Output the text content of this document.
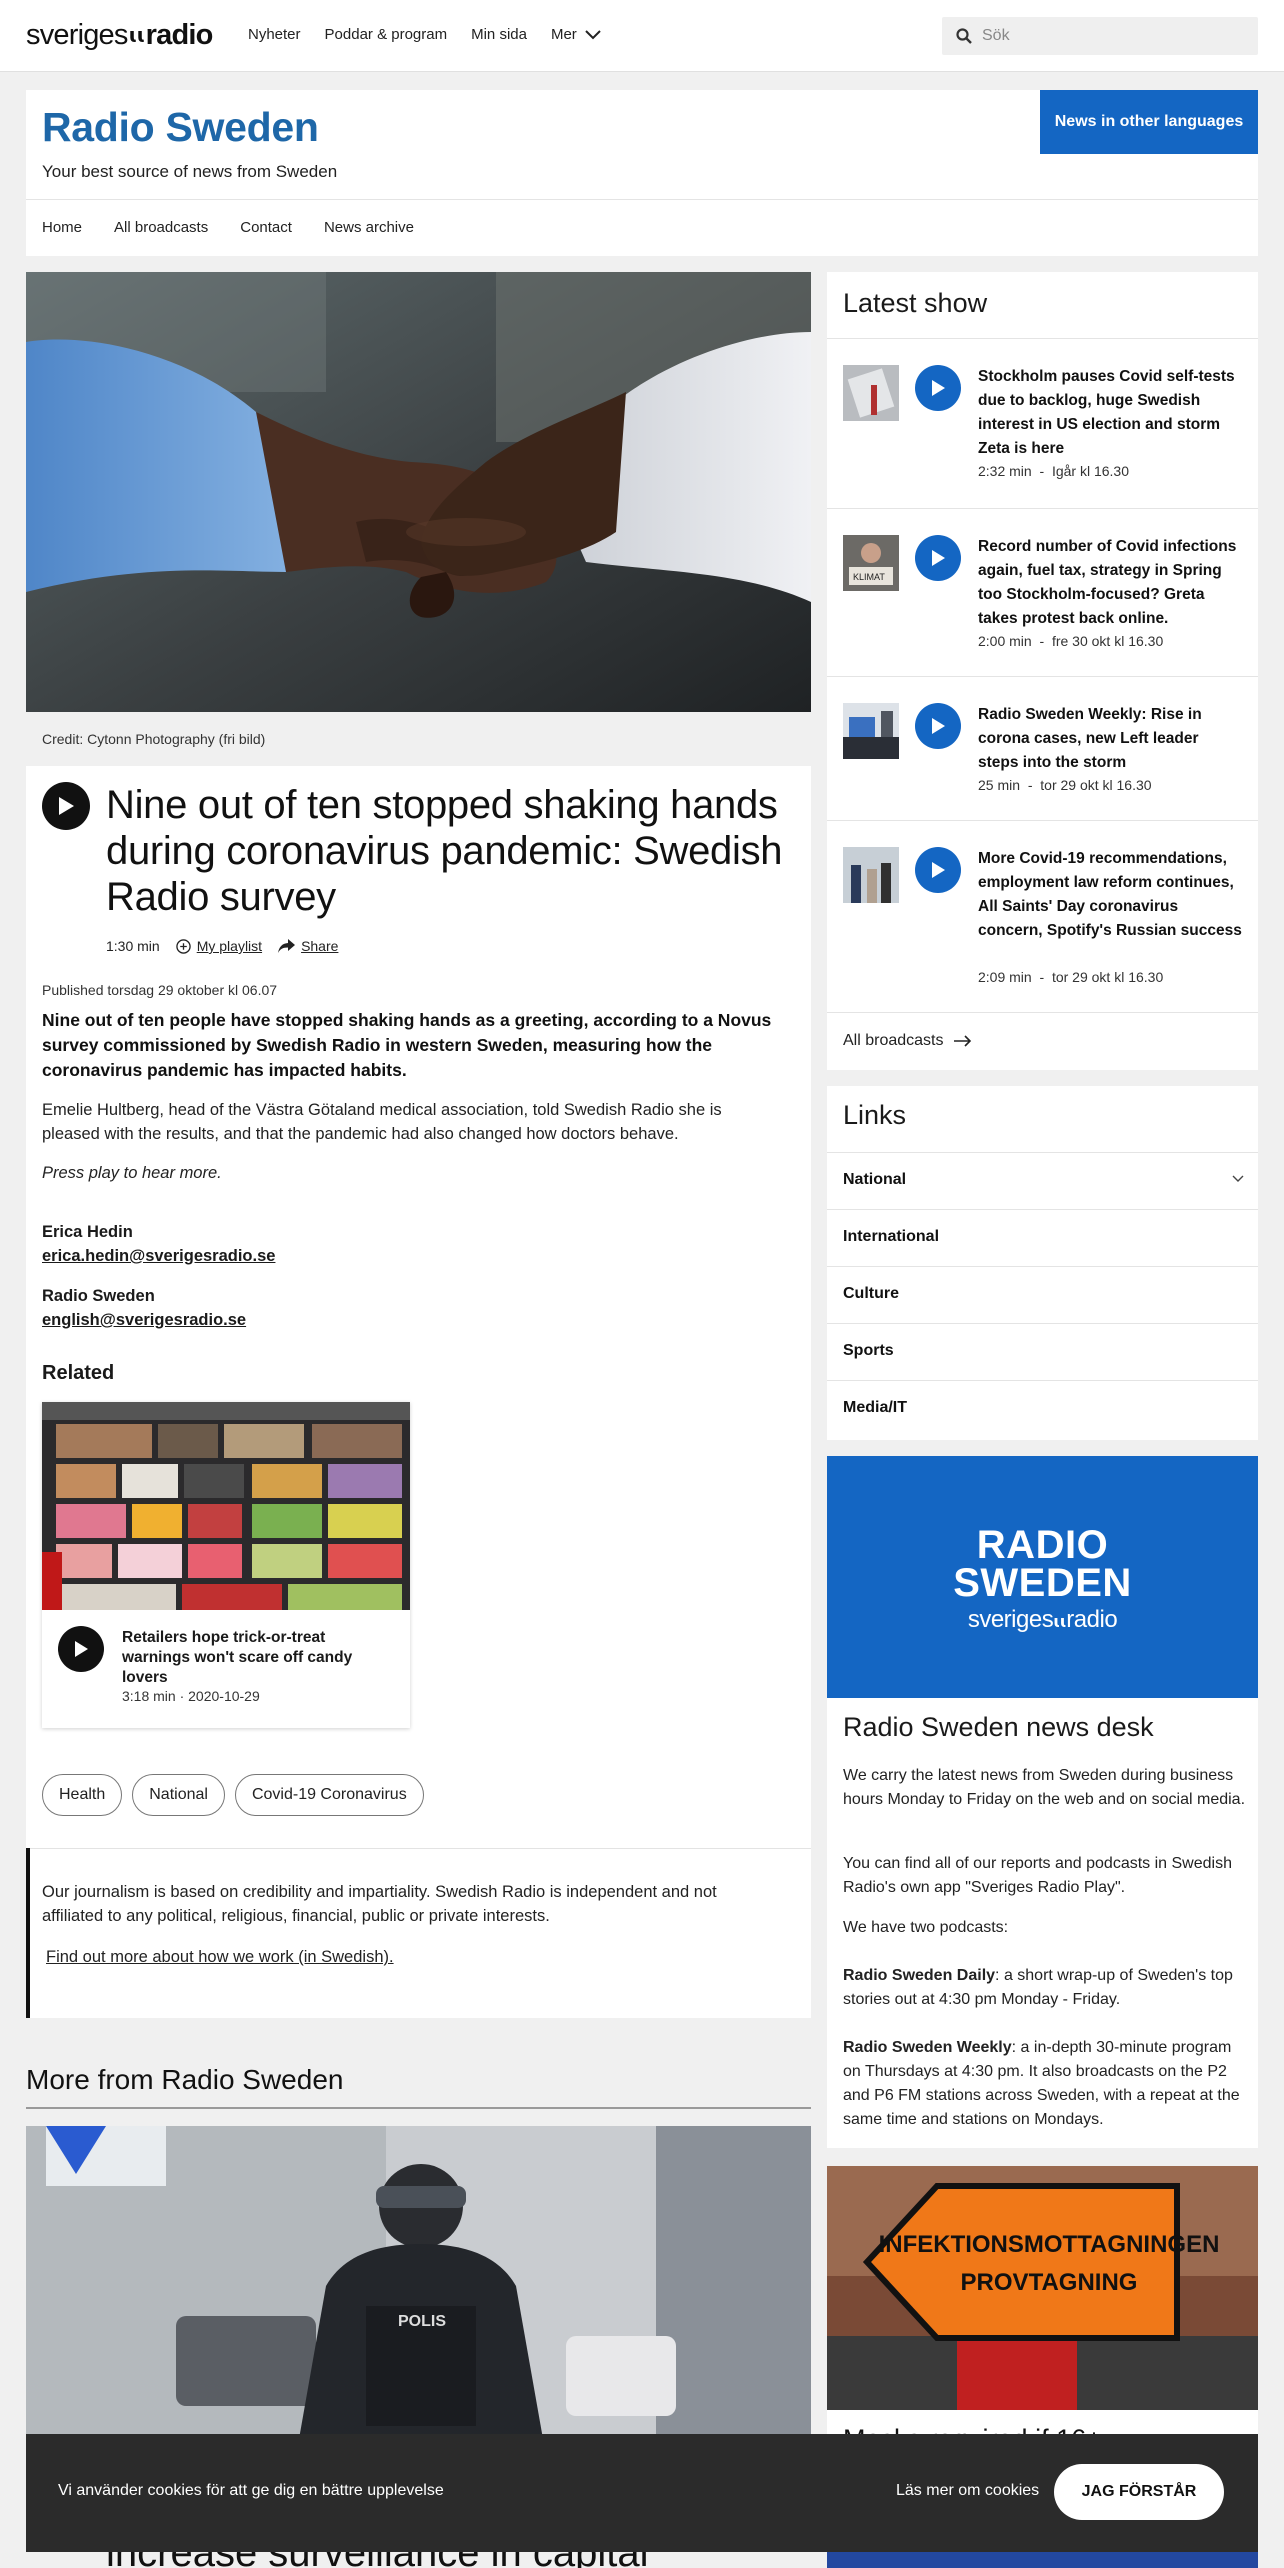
sverigesꙇꙇradio Nyheter Poddar & program Min sida Mer
Sök
Radio Sweden
Your best source of news from Sweden
News in other languages
Home All broadcasts Contact News archive
Credit: Cytonn Photography (fri bild)
Nine out of ten stopped shaking hands during coronavirus pandemic: Swedish Radio survey
1:30 min	My playlist	Share
Published torsdag 29 oktober kl 06.07

Nine out of ten people have stopped shaking hands as a greeting, according to a Novus survey commissioned by Swedish Radio in western Sweden, measuring how the coronavirus pandemic has impacted habits.

Emelie Hultberg, head of the Västra Götaland medical association, told Swedish Radio she is pleased with the results, and that the pandemic had also changed how doctors behave.

Press play to hear more.

Erica Hedin
erica.hedin@sverigesradio.se
Radio Sweden
english@sverigesradio.se
Related
Retailers hope trick-or-treat warnings won't scare off candy lovers
3:18 min · 2020-10-29
Health	National	Covid-19 Coronavirus

Our journalism is based on credibility and impartiality. Swedish Radio is independent and not affiliated to any political, religious, financial, public or private interests.

Find out more about how we work (in Swedish).
More from Radio Sweden
POLIS
Latest show
Stockholm pauses Covid self-tests due to backlog, huge Swedish interest in US election and storm Zeta is here
2:32 min - Igår kl 16.30
KLIMAT
Record number of Covid infections again, fuel tax, strategy in Spring too Stockholm-focused? Greta takes protest back online.
2:00 min - fre 30 okt kl 16.30
Radio Sweden Weekly: Rise in corona cases, new Left leader steps into the storm
25 min - tor 29 okt kl 16.30
More Covid-19 recommendations, employment law reform continues, All Saints' Day coronavirus concern, Spotify's Russian success
2:09 min - tor 29 okt kl 16.30
All broadcasts
Links
National
International
Culture
Sports
Media/IT
RADIO
SWEDEN
sverigesꙇꙇradio
Radio Sweden news desk

We carry the latest news from Sweden during business hours Monday to Friday on the web and on social media.

You can find all of our reports and podcasts in Swedish Radio's own app "Sveriges Radio Play".

We have two podcasts:

Radio Sweden Daily: a short wrap-up of Sweden's top stories out at 4:30 pm Monday - Friday.

Radio Sweden Weekly: a in-depth 30-minute program on Thursdays at 4:30 pm. It also broadcasts on the P2 and P6 FM stations across Sweden, with a repeat at the same time and stations on Mondays.

INFEKTIONSMOTTAGNINGEN
PROVTAGNING
Vi använder cookies för att ge dig en bättre upplevelse	Läs mer om cookies	JAG FÖRSTÅR
